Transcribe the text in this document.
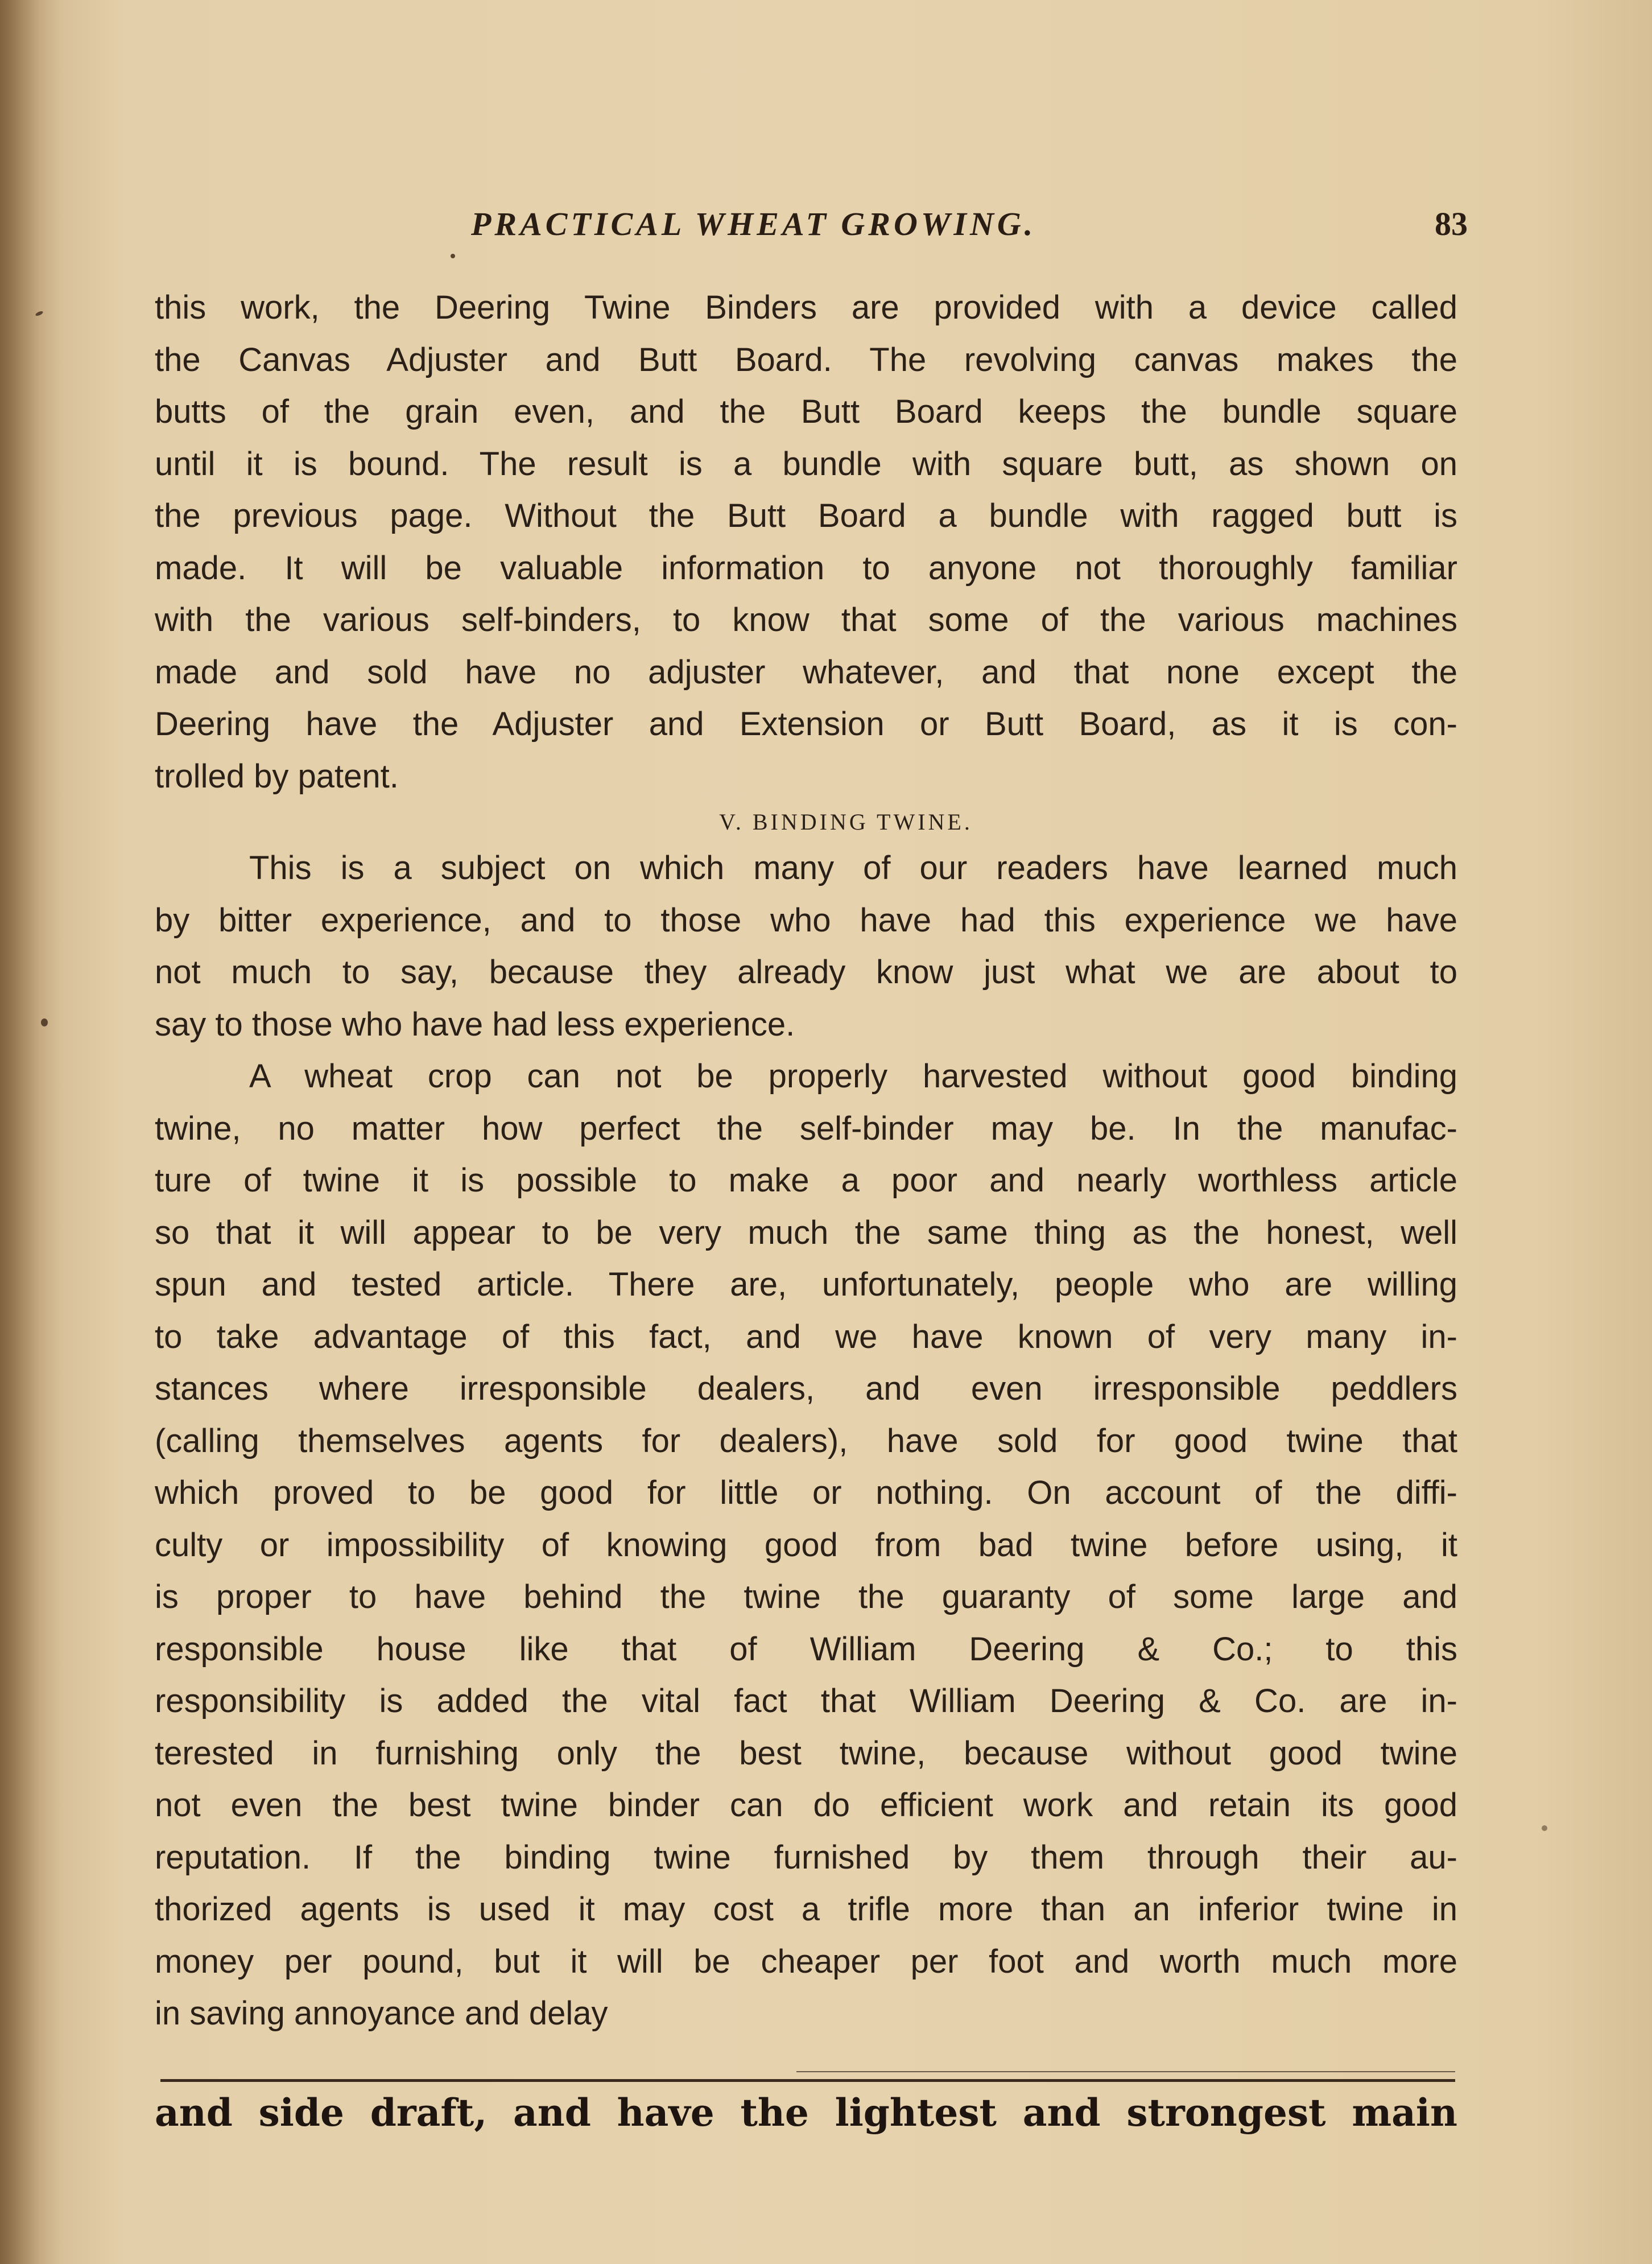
PRACTICAL WHEAT GROWING.	83
this work, the Deering Twine Binders are provided with a device called
the Canvas Adjuster and Butt Board. The revolving canvas makes the
butts of the grain even, and the Butt Board keeps the bundle square
until it is bound. The result is a bundle with square butt, as shown on
the previous page. Without the Butt Board a bundle with ragged butt is
made. It will be valuable information to anyone not thoroughly familiar
with the various self-binders, to know that some of the various machines
made and sold have no adjuster whatever, and that none except the
Deering have the Adjuster and Extension or Butt Board, as it is con-
trolled by patent.
V. BINDING TWINE.
This is a subject on which many of our readers have learned much
by bitter experience, and to those who have had this experience we have
not much to say, because they already know just what we are about to
say to those who have had less experience.
A wheat crop can not be properly harvested without good binding
twine, no matter how perfect the self-binder may be. In the manufac-
ture of twine it is possible to make a poor and nearly worthless article
so that it will appear to be very much the same thing as the honest, well
spun and tested article. There are, unfortunately, people who are willing
to take advantage of this fact, and we have known of very many in-
stances where irresponsible dealers, and even irresponsible peddlers
(calling themselves agents for dealers), have sold for good twine that
which proved to be good for little or nothing. On account of the diffi-
culty or impossibility of knowing good from bad twine before using, it
is proper to have behind the twine the guaranty of some large and
responsible house like that of William Deering & Co.; to this
responsibility is added the vital fact that William Deering & Co. are in-
terested in furnishing only the best twine, because without good twine
not even the best twine binder can do efficient work and retain its good
reputation. If the binding twine furnished by them through their au-
thorized agents is used it may cost a trifle more than an inferior twine in
money per pound, but it will be cheaper per foot and worth much more
in saving annoyance and delay
and side draft, and have the lightest and strongest main
